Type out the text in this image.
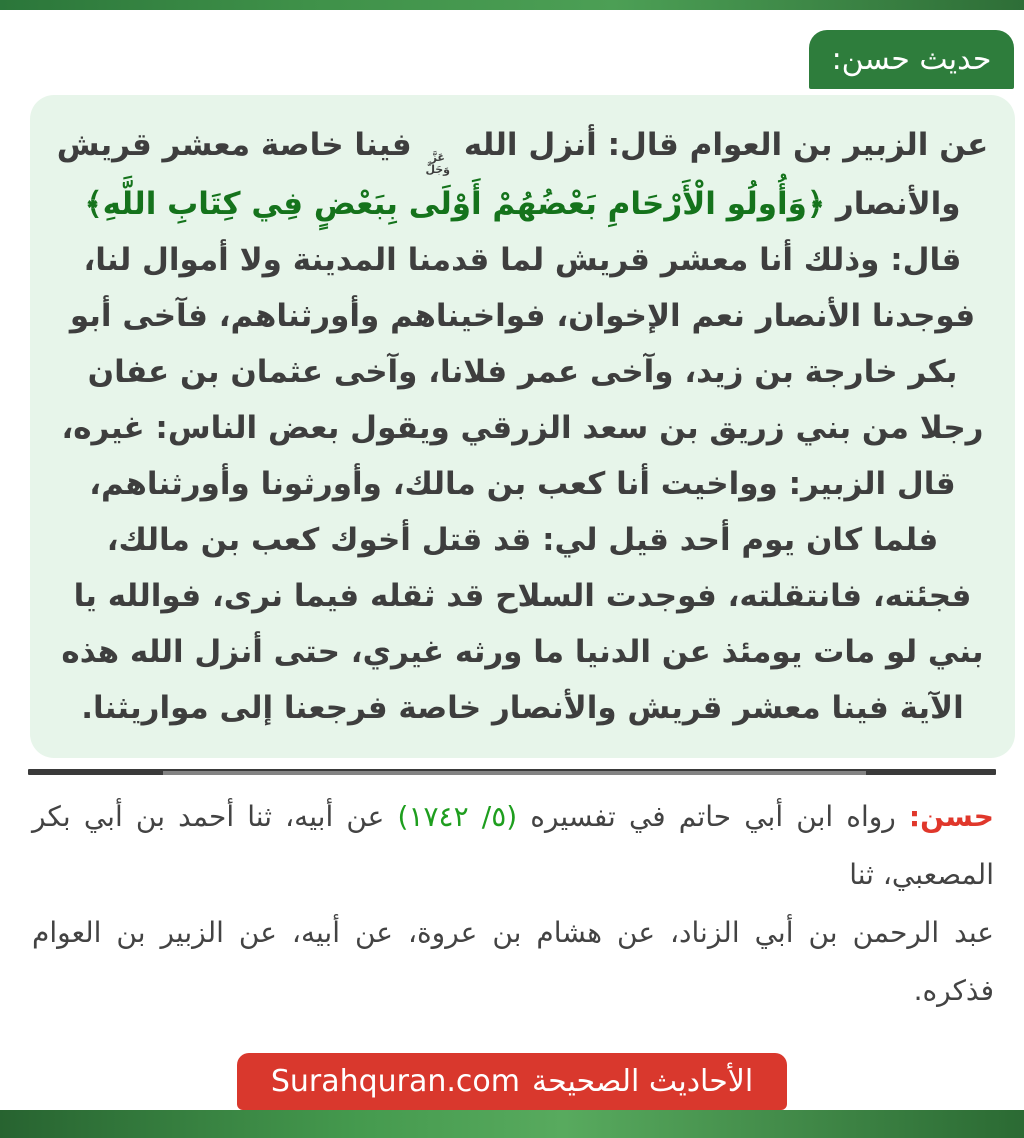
حديث حسن:

عن الزبير بن العوام قال: أنزل الله
عَزَّ
وَجَلَّ
فينا خاصة معشر قريش والأنصار ﴿وَأُولُو الْأَرْحَامِ بَعْضُهُمْ أَوْلَى بِبَعْضٍ فِي كِتَابِ اللَّهِ﴾ قال: وذلك أنا معشر قريش لما قدمنا المدينة ولا أموال لنا، فوجدنا الأنصار نعم الإخوان، فواخيناهم وأورثناهم، فآخى أبو بكر خارجة بن زيد، وآخى عمر فلانا، وآخى عثمان بن عفان رجلا من بني زريق بن سعد الزرقي ويقول بعض الناس: غيره، قال الزبير: وواخيت أنا كعب بن مالك، وأورثونا وأورثناهم، فلما كان يوم أحد قيل لي: قد قتل أخوك كعب بن مالك، فجئته، فانتقلته، فوجدت السلاح قد ثقله فيما نرى، فوالله يا بني لو مات يومئذ عن الدنيا ما ورثه غيري، حتى أنزل الله هذه الآية فينا معشر قريش والأنصار خاصة فرجعنا إلى مواريثنا.

حسن: رواه ابن أبي حاتم في تفسيره (٥/ ١٧٤٢) عن أبيه، ثنا أحمد بن أبي بكر المصعبي، ثنا

عبد الرحمن بن أبي الزناد، عن هشام بن عروة، عن أبيه، عن الزبير بن العوام فذكره.

الأحاديث الصحيحة
Surahquran.com
